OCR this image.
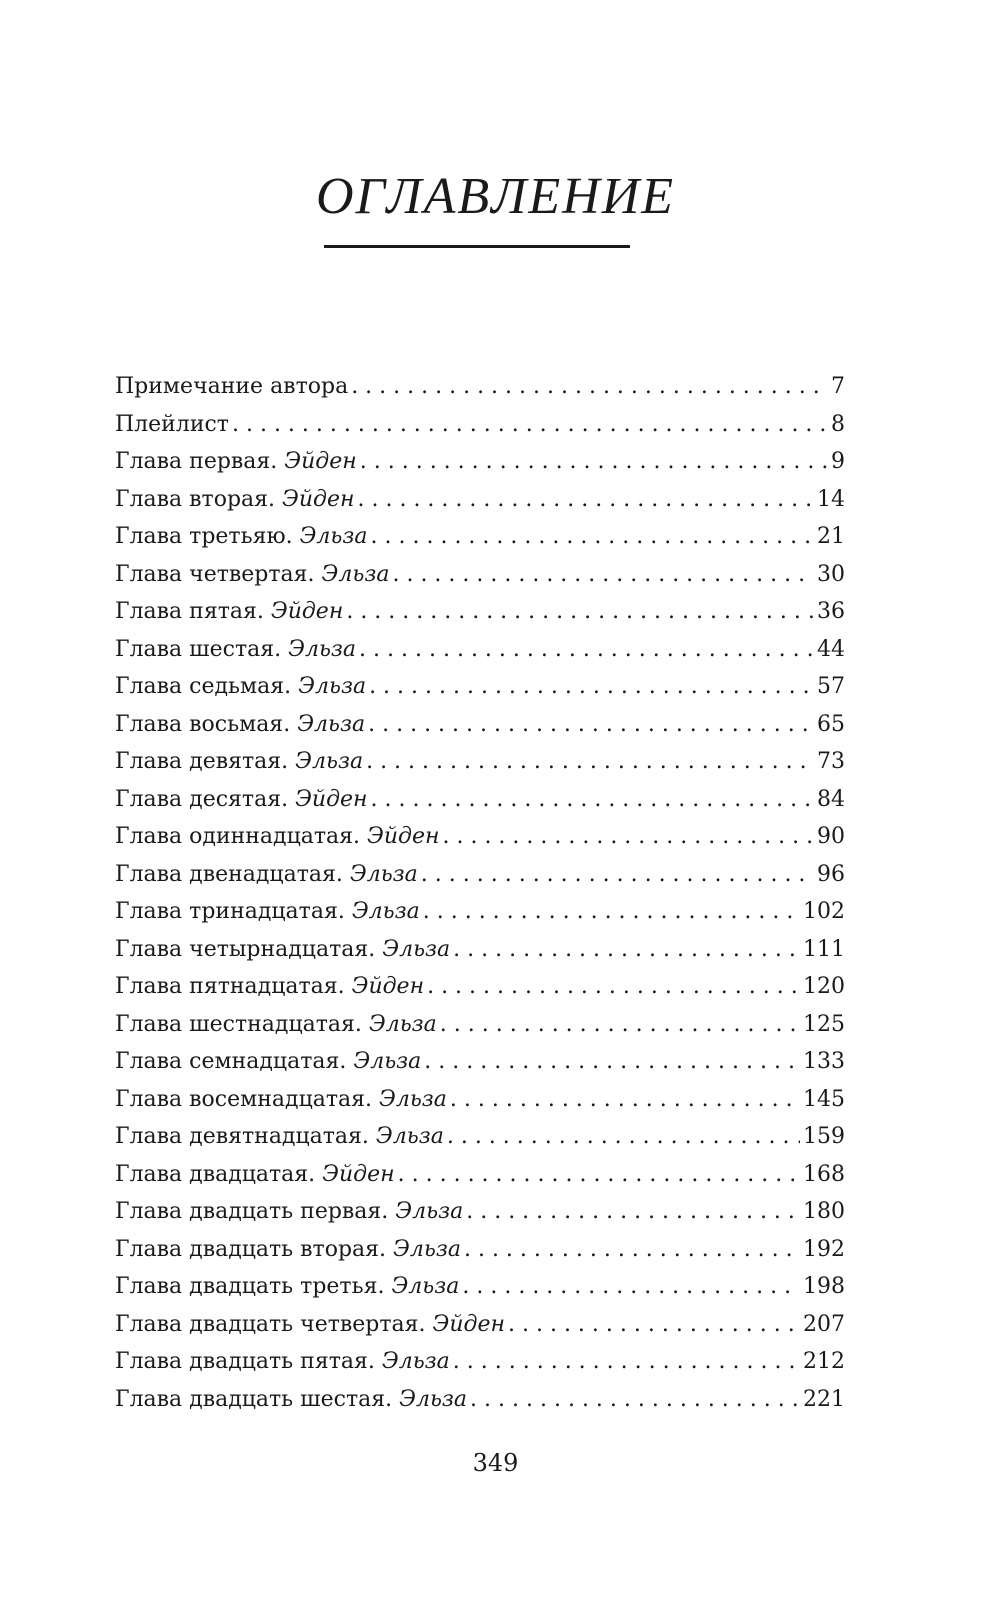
ОГЛАВЛЕНИЕ
Примечание автора . . .	7
Плейлист . . .	8
Глава первая. Эйден . . .	9
Глава вторая. Эйден . . .	14
Глава третьяю. Эльза . . .	21
Глава четвертая. Эльза . . .	30
Глава пятая. Эйден . . .	36
Глава шестая. Эльза . . .	44
Глава седьмая. Эльза . . .	57
Глава восьмая. Эльза . . .	65
Глава девятая. Эльза . . .	73
Глава десятая. Эйден . . .	84
Глава одиннадцатая. Эйден . . .	90
Глава двенадцатая. Эльза . . .	96
Глава тринадцатая. Эльза . . .	102
Глава четырнадцатая. Эльза . . .	111
Глава пятнадцатая. Эйден . . .	120
Глава шестнадцатая. Эльза . . .	125
Глава семнадцатая. Эльза . . .	133
Глава восемнадцатая. Эльза . . .	145
Глава девятнадцатая. Эльза . . .	159
Глава двадцатая. Эйден . . .	168
Глава двадцать первая. Эльза . . .	180
Глава двадцать вторая. Эльза . . .	192
Глава двадцать третья. Эльза . . .	198
Глава двадцать четвертая. Эйден . . .	207
Глава двадцать пятая. Эльза . . .	212
Глава двадцать шестая. Эльза . . .	221
349
